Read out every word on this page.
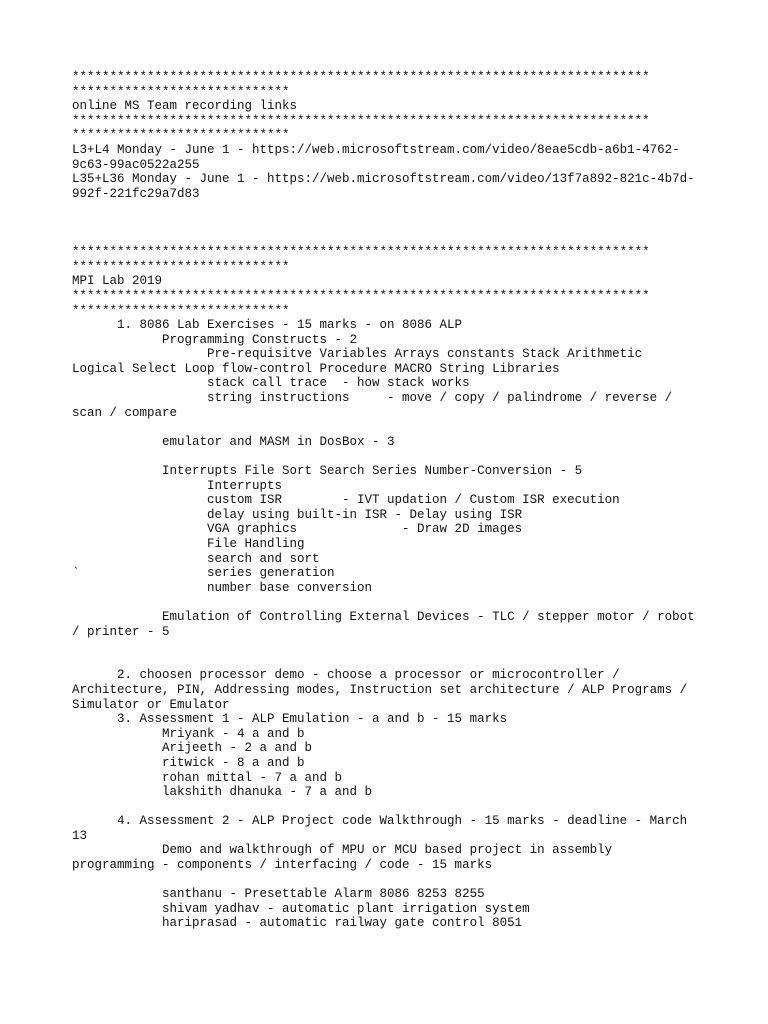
*****************************************************************************
*****************************
online MS Team recording links
*****************************************************************************
*****************************
L3+L4 Monday - June 1 - https://web.microsoftstream.com/video/8eae5cdb-a6b1-4762-
9c63-99ac0522a255
L35+L36 Monday - June 1 - https://web.microsoftstream.com/video/13f7a892-821c-4b7d-
992f-221fc29a7d83
*****************************************************************************
*****************************
MPI Lab 2019
*****************************************************************************
*****************************
1. 8086 Lab Exercises - 15 marks - on 8086 ALP
Programming Constructs - 2
Pre-requisitve Variables Arrays constants Stack Arithmetic
Logical Select Loop flow-control Procedure MACRO String Libraries
stack call trace  - how stack works
string instructions     - move / copy / palindrome / reverse /
scan / compare
emulator and MASM in DosBox - 3
Interrupts File Sort Search Series Number-Conversion - 5
Interrupts
custom ISR        - IVT updation / Custom ISR execution
delay using built-in ISR - Delay using ISR
VGA graphics              - Draw 2D images
File Handling
search and sort
`                 series generation
number base conversion
Emulation of Controlling External Devices - TLC / stepper motor / robot
/ printer - 5
2. choosen processor demo - choose a processor or microcontroller /
Architecture, PIN, Addressing modes, Instruction set architecture / ALP Programs /
Simulator or Emulator
3. Assessment 1 - ALP Emulation - a and b - 15 marks
Mriyank - 4 a and b
Arijeeth - 2 a and b
ritwick - 8 a and b
rohan mittal - 7 a and b
lakshith dhanuka - 7 a and b
4. Assessment 2 - ALP Project code Walkthrough - 15 marks - deadline - March
13
Demo and walkthrough of MPU or MCU based project in assembly
programming - components / interfacing / code - 15 marks
santhanu - Presettable Alarm 8086 8253 8255
shivam yadhav - automatic plant irrigation system
hariprasad - automatic railway gate control 8051
